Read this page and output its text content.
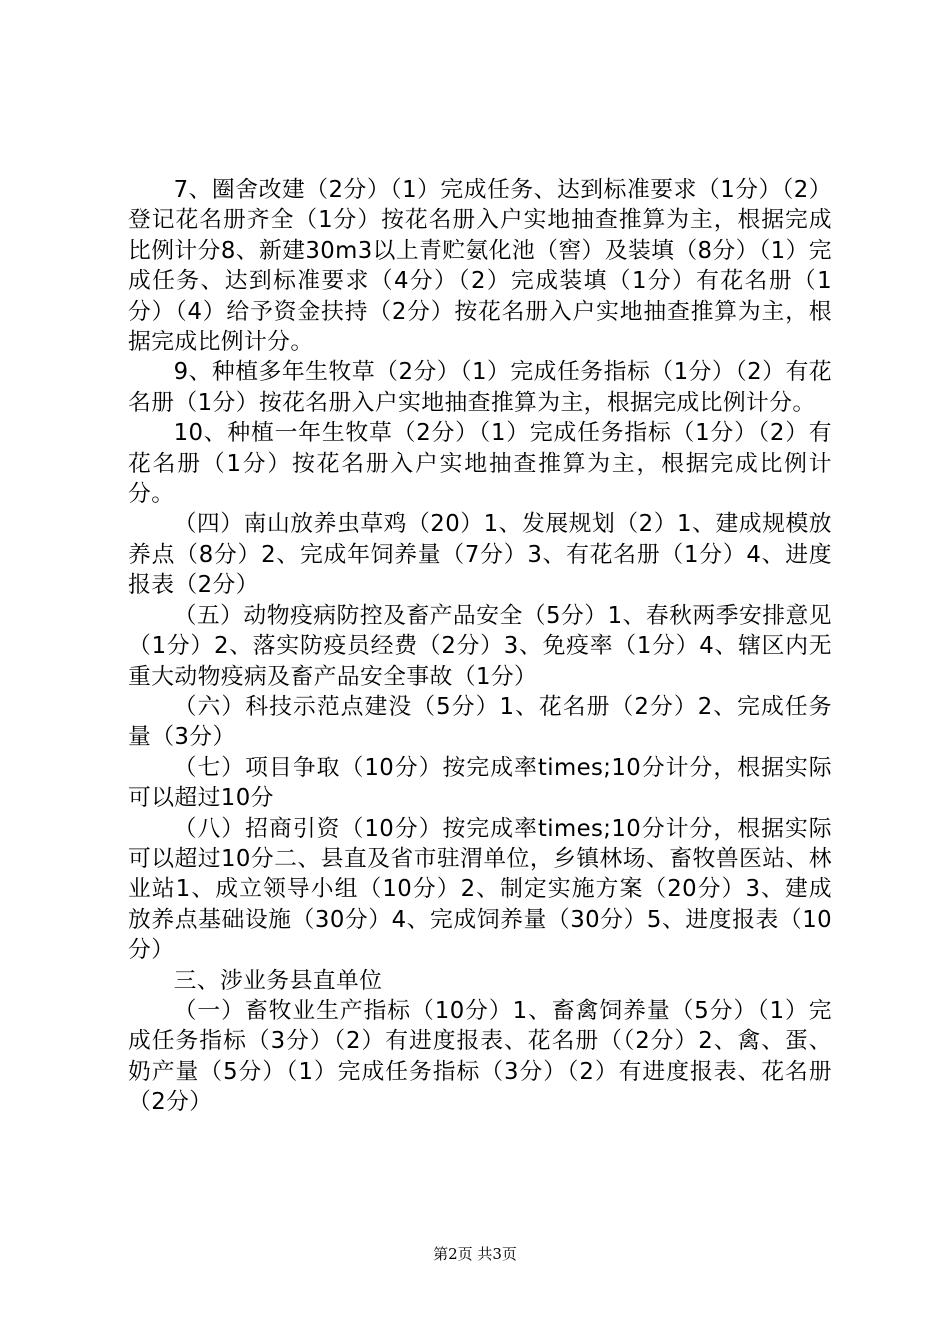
7、圈舍改建（2分）（1）完成任务、达到标准要求（1分）（2）登记花名册齐全（1分）按花名册入户实地抽查推算为主，根据完成比例计分8、新建30m3以上青贮氨化池（窖）及装填（8分）（1）完成任务、达到标准要求（4分）（2）完成装填（1分）有花名册（1分）（4）给予资金扶持（2分）按花名册入户实地抽查推算为主，根据完成比例计分。

9、种植多年生牧草（2分）（1）完成任务指标（1分）（2）有花名册（1分）按花名册入户实地抽查推算为主，根据完成比例计分。

10、种植一年生牧草（2分）（1）完成任务指标（1分）（2）有花名册（1分）按花名册入户实地抽查推算为主，根据完成比例计分。

（四）南山放养虫草鸡（20）1、发展规划（2）1、建成规模放养点（8分）2、完成年饲养量（7分）3、有花名册（1分）4、进度报表（2分）

（五）动物疫病防控及畜产品安全（5分）1、春秋两季安排意见（1分）2、落实防疫员经费（2分）3、免疫率（1分）4、辖区内无重大动物疫病及畜产品安全事故（1分）

（六）科技示范点建没（5分）1、花名册（2分）2、完成任务量（3分）

（七）项目争取（10分）按完成率times;10分计分，根据实际可以超过10分

（八）招商引资（10分）按完成率times;10分计分，根据实际可以超过10分二、县直及省市驻渭单位，乡镇林场、畜牧兽医站、林业站1、成立领导小组（10分）2、制定实施方案（20分）3、建成放养点基础设施（30分）4、完成饲养量（30分）5、进度报表（10分）

三、涉业务县直单位

（一）畜牧业生产指标（10分）1、畜禽饲养量（5分）（1）完成任务指标（3分）（2）有进度报表、花名册（（2分）2、禽、蛋、奶产量（5分）（1）完成任务指标（3分）（2）有进度报表、花名册（2分）

第2页 共3页
